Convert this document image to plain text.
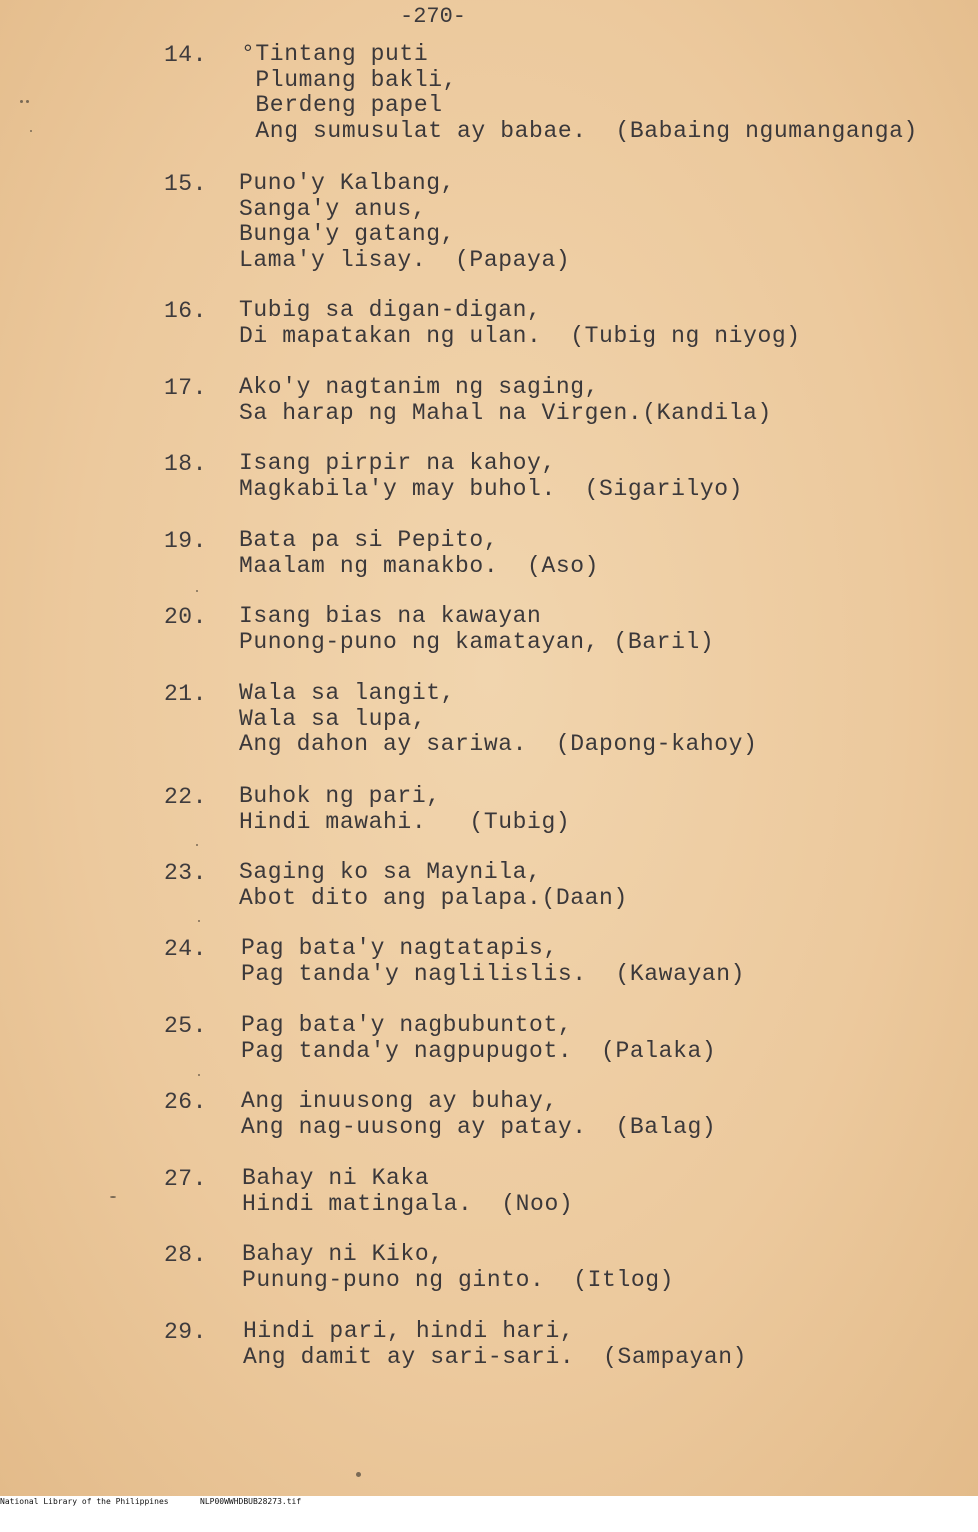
-270-
14. °Tintang puti
Plumang bakli,
Berdeng papel
Ang sumusulat ay babae.  (Babaing ngumanganga)
15. Puno'y Kalbang,
Sanga'y anus,
Bunga'y gatang,
Lama'y lisay.  (Papaya)
16. Tubig sa digan-digan,
Di mapatakan ng ulan.  (Tubig ng niyog)
17. Ako'y nagtanim ng saging,
Sa harap ng Mahal na Virgen.(Kandila)
18. Isang pirpir na kahoy,
Magkabila'y may buhol.  (Sigarilyo)
19. Bata pa si Pepito,
Maalam ng manakbo.  (Aso)
20. Isang bias na kawayan
Punong-puno ng kamatayan, (Baril)
21. Wala sa langit,
Wala sa lupa,
Ang dahon ay sariwa.  (Dapong-kahoy)
22. Buhok ng pari,
Hindi mawahi.   (Tubig)
23. Saging ko sa Maynila,
Abot dito ang palapa.(Daan)
24. Pag bata'y nagtatapis,
Pag tanda'y naglilislis.  (Kawayan)
25. Pag bata'y nagbubuntot,
Pag tanda'y nagpupugot.  (Palaka)
26. Ang inuusong ay buhay,
Ang nag-uusong ay patay.  (Balag)
27. Bahay ni Kaka
Hindi matingala.  (Noo)
28. Bahay ni Kiko,
Punung-puno ng ginto.  (Itlog)
29. Hindi pari, hindi hari,
Ang damit ay sari-sari.  (Sampayan)

National Library of the Philippines

	NLP00WWHDBUB28273.tif
